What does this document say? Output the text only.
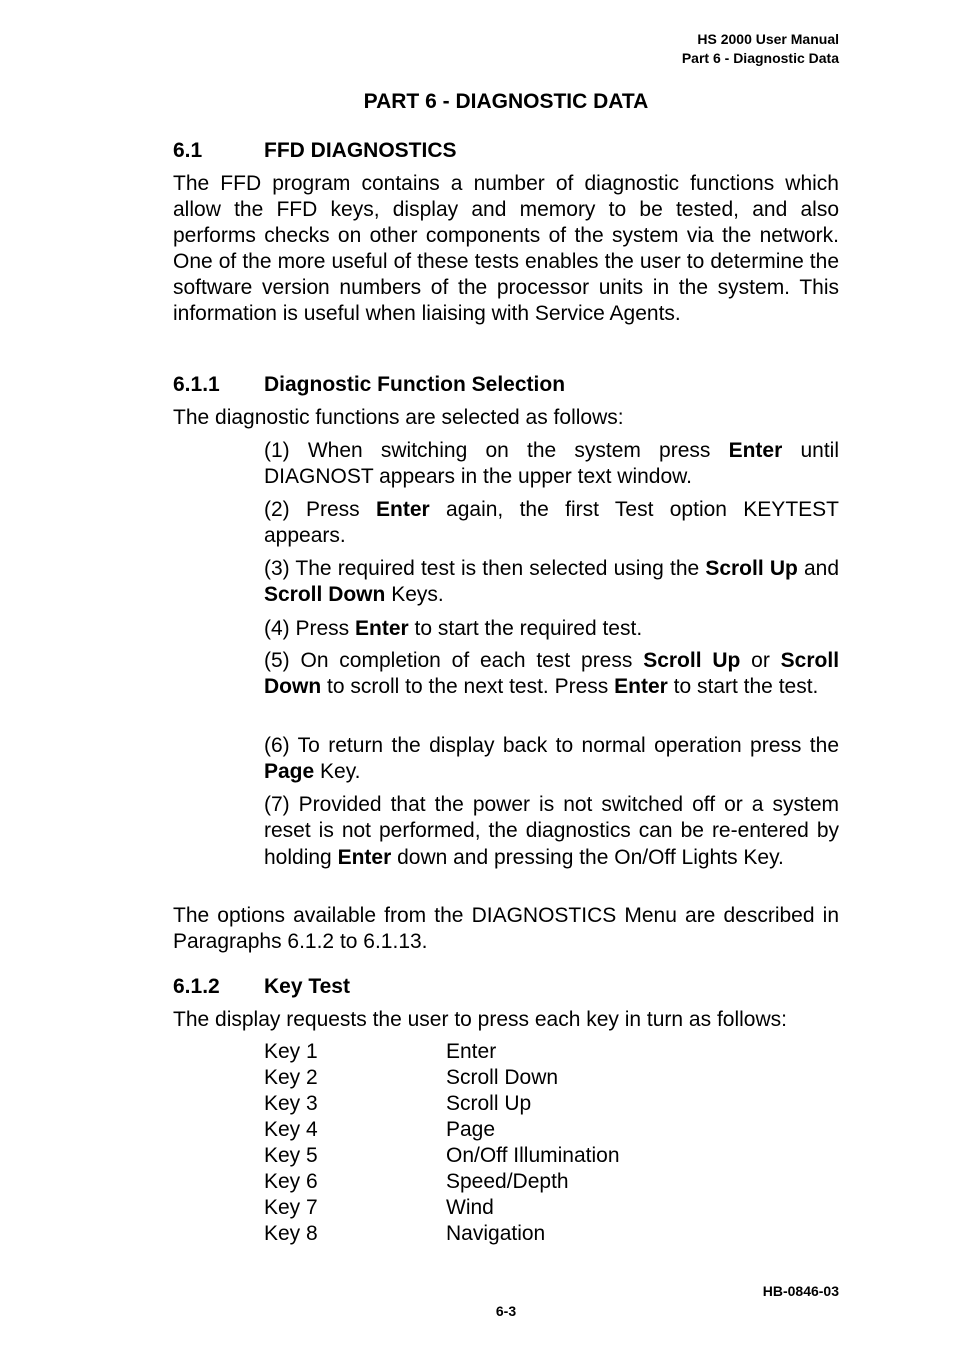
HS 2000 User Manual
Part 6 - Diagnostic Data
PART 6 - DIAGNOSTIC DATA
6.1	FFD DIAGNOSTICS
The FFD program contains a number of diagnostic functions which allow the FFD keys, display and memory to be tested, and also performs checks on other components of the system via the network. One of the more useful of these tests enables the user to determine the software version numbers of the processor units in the system. This information is useful when liaising with Service Agents.
6.1.1 Diagnostic Function Selection
The diagnostic functions are selected as follows:
(1) When switching on the system press Enter until DIAGNOST appears in the upper text window.
(2) Press Enter again, the first Test option KEYTEST appears.
(3) The required test is then selected using the Scroll Up and Scroll Down Keys.
(4) Press Enter to start the required test.
(5) On completion of each test press Scroll Up or Scroll Down to scroll to the next test. Press Enter to start the test.
(6) To return the display back to normal operation press the Page Key.
(7) Provided that the power is not switched off or a system reset is not performed, the diagnostics can be re-entered by holding Enter down and pressing the On/Off Lights Key.
The options available from the DIAGNOSTICS Menu are described in Paragraphs 6.1.2 to 6.1.13.
6.1.2 Key Test
The display requests the user to press each key in turn as follows:
Key 1	Enter
Key 2	Scroll Down
Key 3	Scroll Up
Key 4	Page
Key 5	On/Off Illumination
Key 6	Speed/Depth
Key 7	Wind
Key 8	Navigation
HB-0846-03
6-3
